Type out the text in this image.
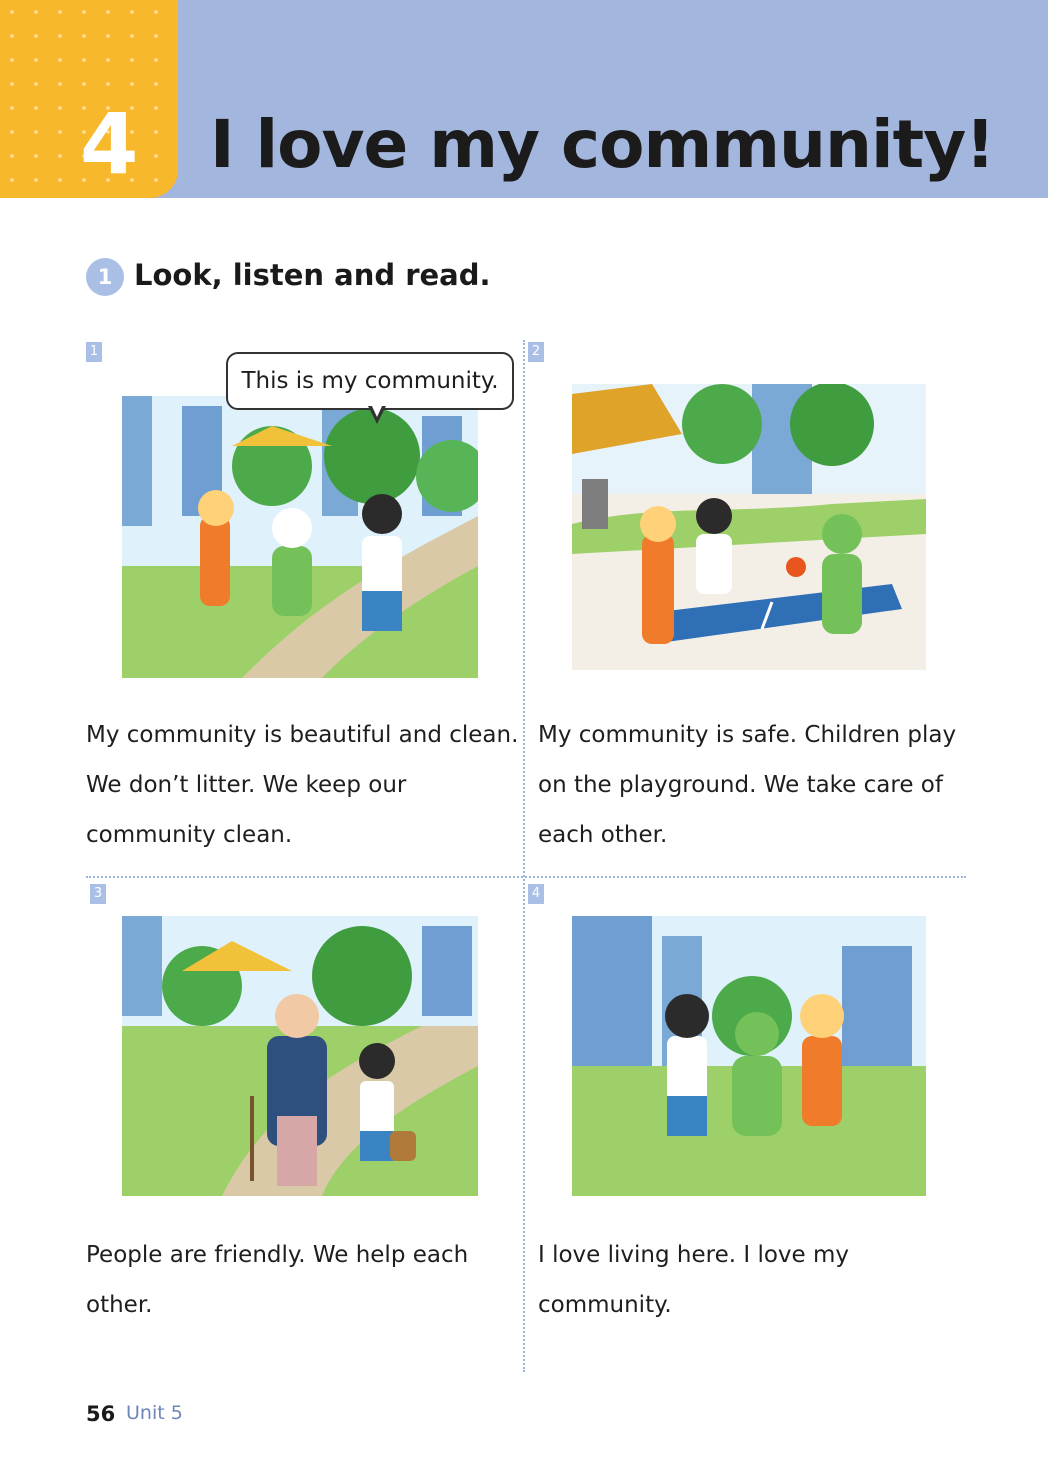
4 I love my community!
1 Look, listen and read.
1
This is my community.
My community is beautiful and clean.
We don’t litter. We keep our
community clean.
2
My community is safe. Children play
on the playground. We take care of
each other.
3
People are friendly. We help each
other.
4
I love living here. I love my
community.
56 Unit 5
